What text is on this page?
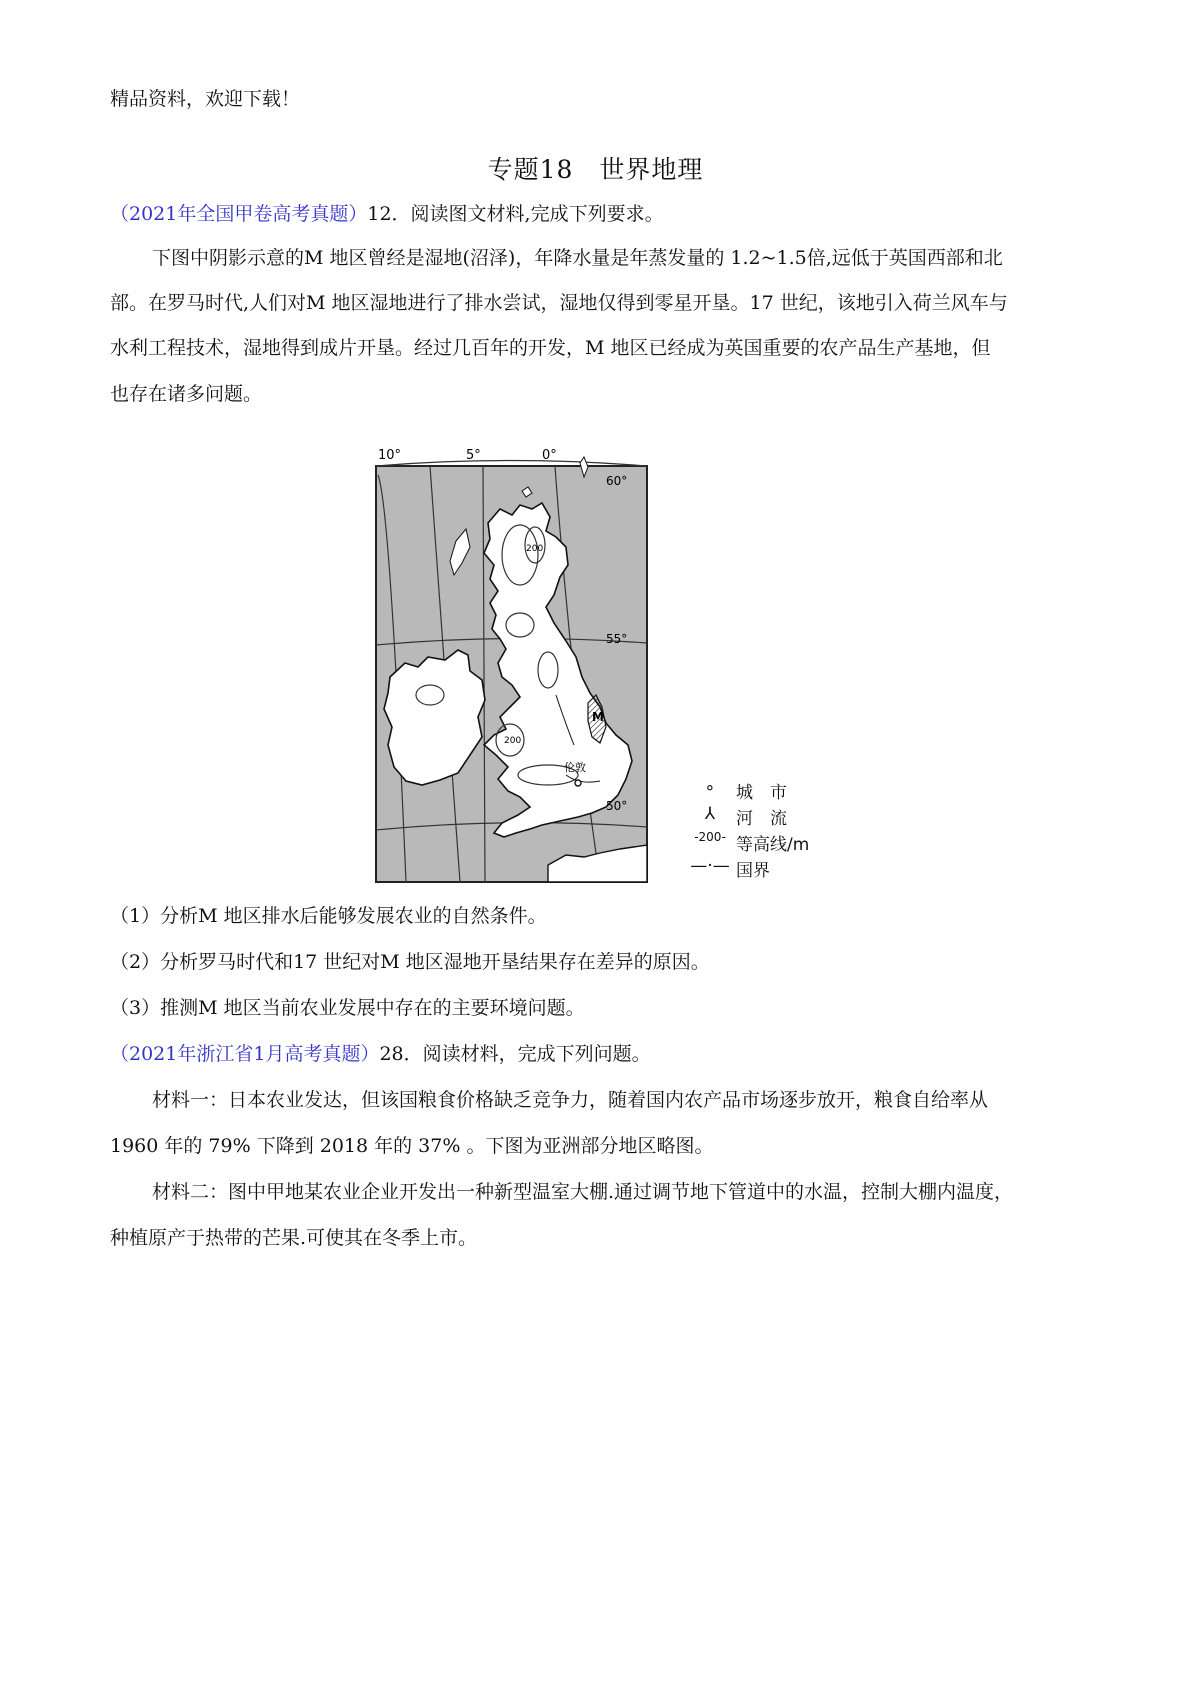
精品资料，欢迎下载！
专题18　世界地理
（2021年全国甲卷高考真题）12．阅读图文材料,完成下列要求。
下图中阴影示意的M 地区曾经是湿地(沼泽)，年降水量是年蒸发量的 1.2~1.5倍,远低于英国西部和北
部。在罗马时代,人们对M 地区湿地进行了排水尝试，湿地仅得到零星开垦。17 世纪，该地引入荷兰风车与
水利工程技术，湿地得到成片开垦。经过几百年的开发，M 地区已经成为英国重要的农产品生产基地，但
也存在诸多问题。
10°	5°	0°
60°
55°
50°
M
200
200
伦敦
∘	城　市
⅄	河　流
-200- 等高线/m
—·— 国界
（1）分析M 地区排水后能够发展农业的自然条件。
（2）分析罗马时代和17 世纪对M 地区湿地开垦结果存在差异的原因。
（3）推测M 地区当前农业发展中存在的主要环境问题。
（2021年浙江省1月高考真题）28．阅读材料，完成下列问题。
材料一：日本农业发达，但该国粮食价格缺乏竞争力，随着国内农产品市场逐步放开，粮食自给率从
1960 年的 79% 下降到 2018 年的 37% 。下图为亚洲部分地区略图。
材料二：图中甲地某农业企业开发出一种新型温室大棚.通过调节地下管道中的水温，控制大棚内温度，
种植原产于热带的芒果.可使其在冬季上市。
